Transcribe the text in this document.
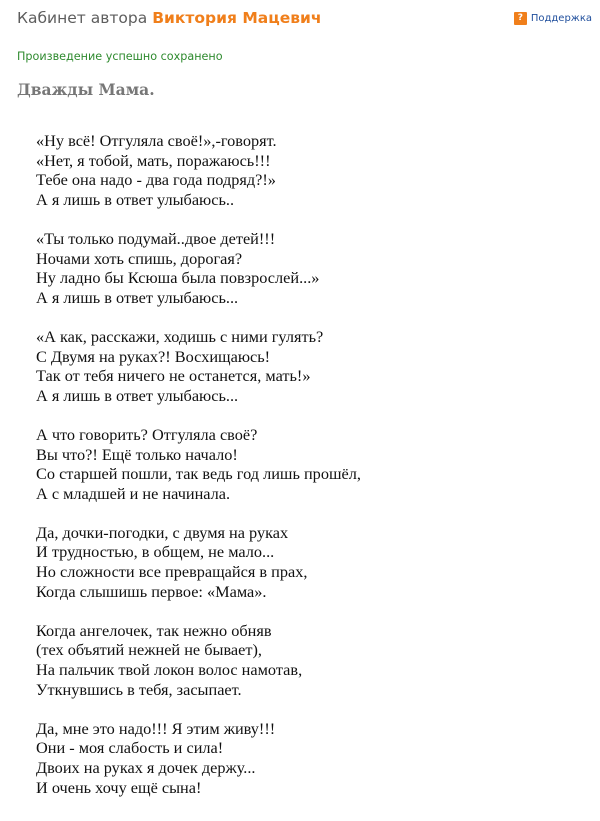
Кабинет автора Виктория Мацевич	? Поддержка
Произведение успешно сохранено
Дважды Мама.
«Ну всё! Отгуляла своё!»,-говорят.
«Нет, я тобой, мать, поражаюсь!!!
Тебе она надо - два года подряд?!»
А я лишь в ответ улыбаюсь..
«Ты только подумай..двое детей!!!
Ночами хоть спишь, дорогая?
Ну ладно бы Ксюша была повзрослей...»
А я лишь в ответ улыбаюсь...
«А как, расскажи, ходишь с ними гулять?
С Двумя на руках?! Восхищаюсь!
Так от тебя ничего не останется, мать!»
А я лишь в ответ улыбаюсь...
А что говорить? Отгуляла своё?
Вы что?! Ещё только начало!
Со старшей пошли, так ведь год лишь прошёл,
А с младшей и не начинала.
Да, дочки-погодки, с двумя на руках
И трудностью, в общем, не мало...
Но сложности все превращайся в прах,
Когда слышишь первое: «Мама».
Когда ангелочек, так нежно обняв
(тех объятий нежней не бывает),
На пальчик твой локон волос намотав,
Уткнувшись в тебя, засыпает.
Да, мне это надо!!! Я этим живу!!!
Они - моя слабость и сила!
Двоих на руках я дочек держу...
И очень хочу ещё сына!
